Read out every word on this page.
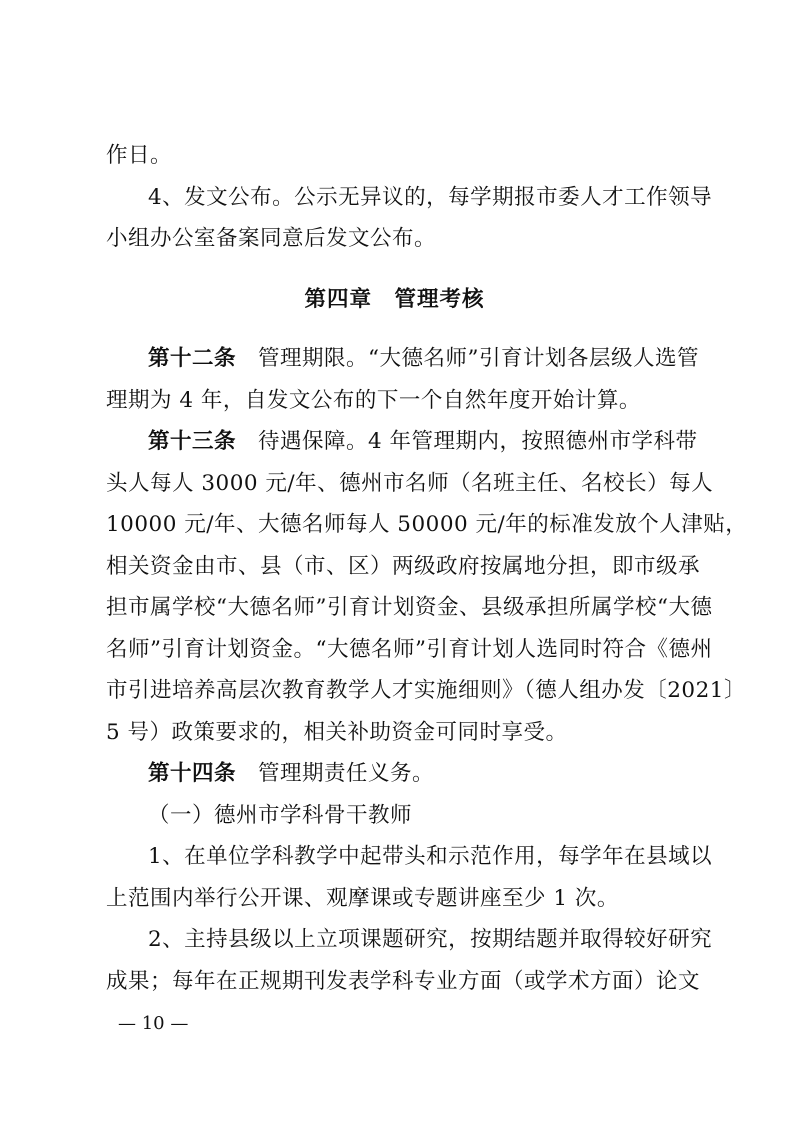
作日。
4、发文公布。公示无异议的，每学期报市委人才工作领导
小组办公室备案同意后发文公布。
第四章　管理考核
第十二条 管理期限。“大德名师”引育计划各层级人选管
理期为 4 年，自发文公布的下一个自然年度开始计算。
第十三条 待遇保障。4 年管理期内，按照德州市学科带
头人每人 3000 元/年、德州市名师（名班主任、名校长）每人
10000 元/年、大德名师每人 50000 元/年的标准发放个人津贴，
相关资金由市、县（市、区）两级政府按属地分担，即市级承
担市属学校“大德名师”引育计划资金、县级承担所属学校“大德
名师”引育计划资金。“大德名师”引育计划人选同时符合《德州
市引进培养高层次教育教学人才实施细则》（德人组办发〔2021〕
5 号）政策要求的，相关补助资金可同时享受。
第十四条 管理期责任义务。
（一）德州市学科骨干教师
1、在单位学科教学中起带头和示范作用，每学年在县域以
上范围内举行公开课、观摩课或专题讲座至少 1 次。
2、主持县级以上立项课题研究，按期结题并取得较好研究
成果；每年在正规期刊发表学科专业方面（或学术方面）论文
— 10 —
